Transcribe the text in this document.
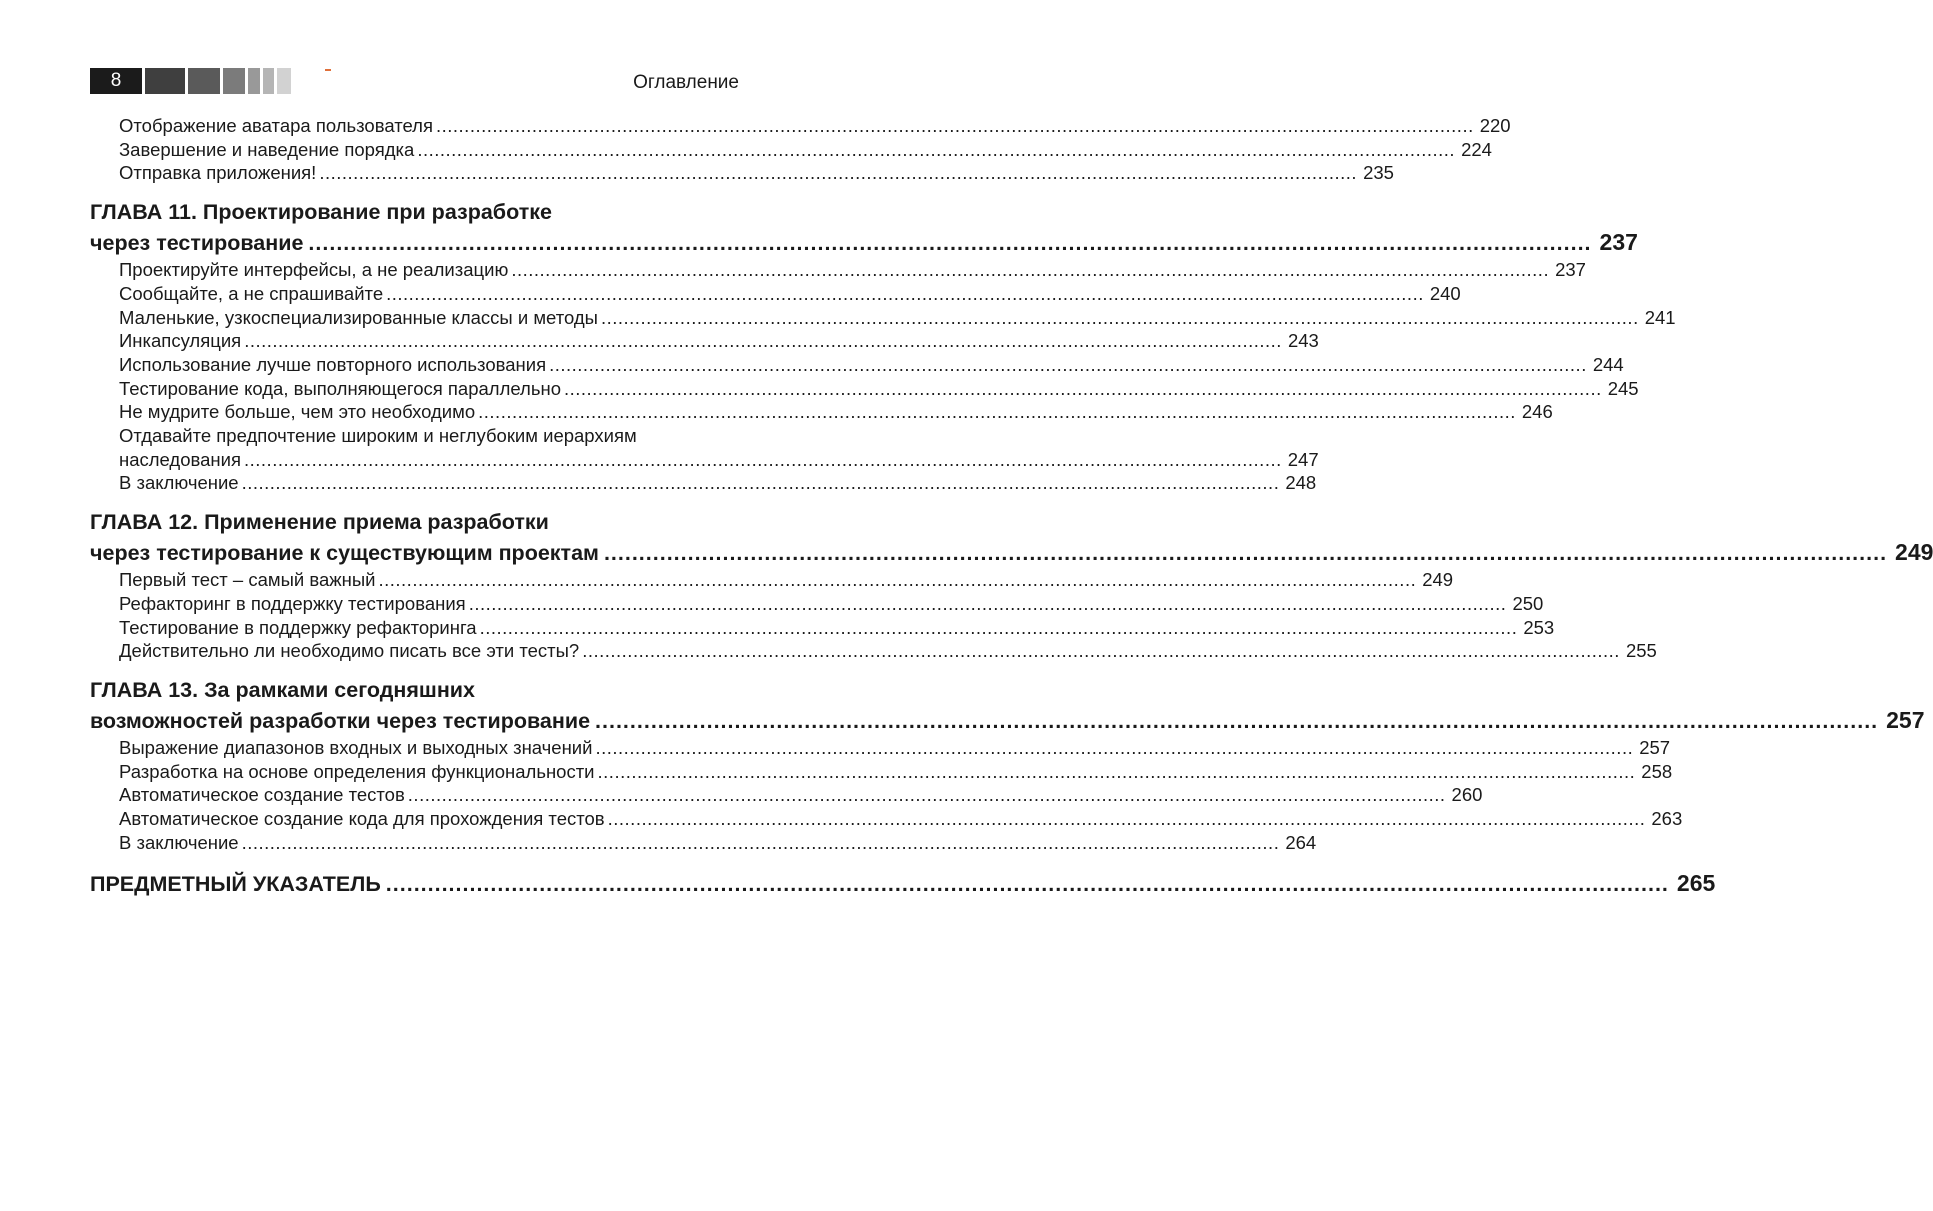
8	Оглавление
Отображение аватара пользователя ........................................................................................................................................................................................ 220
Завершение и наведение порядка ........................................................................................................................................................................................ 224
Отправка приложения! ........................................................................................................................................................................................ 235
ГЛАВА 11. Проектирование при разработке
через тестирование ........................................................................................................................................................................................ 237
Проектируйте интерфейсы, а не реализацию ........................................................................................................................................................................................ 237
Сообщайте, а не спрашивайте ........................................................................................................................................................................................ 240
Маленькие, узкоспециализированные классы и методы ........................................................................................................................................................................................ 241
Инкапсуляция ........................................................................................................................................................................................ 243
Использование лучше повторного использования ........................................................................................................................................................................................ 244
Тестирование кода, выполняющегося параллельно ........................................................................................................................................................................................ 245
Не мудрите больше, чем это необходимо ........................................................................................................................................................................................ 246
Отдавайте предпочтение широким и неглубоким иерархиям
наследования ........................................................................................................................................................................................ 247
В заключение ........................................................................................................................................................................................ 248
ГЛАВА 12. Применение приема разработки
через тестирование к существующим проектам ........................................................................................................................................................................................ 249
Первый тест – самый важный ........................................................................................................................................................................................ 249
Рефакторинг в поддержку тестирования ........................................................................................................................................................................................ 250
Тестирование в поддержку рефакторинга ........................................................................................................................................................................................ 253
Действительно ли необходимо писать все эти тесты? ........................................................................................................................................................................................ 255
ГЛАВА 13. За рамками сегодняшних
возможностей разработки через тестирование ........................................................................................................................................................................................ 257
Выражение диапазонов входных и выходных значений ........................................................................................................................................................................................ 257
Разработка на основе определения функциональности ........................................................................................................................................................................................ 258
Автоматическое создание тестов ........................................................................................................................................................................................ 260
Автоматическое создание кода для прохождения тестов ........................................................................................................................................................................................ 263
В заключение ........................................................................................................................................................................................ 264
ПРЕДМЕТНЫЙ УКАЗАТЕЛЬ ........................................................................................................................................................................................ 265
